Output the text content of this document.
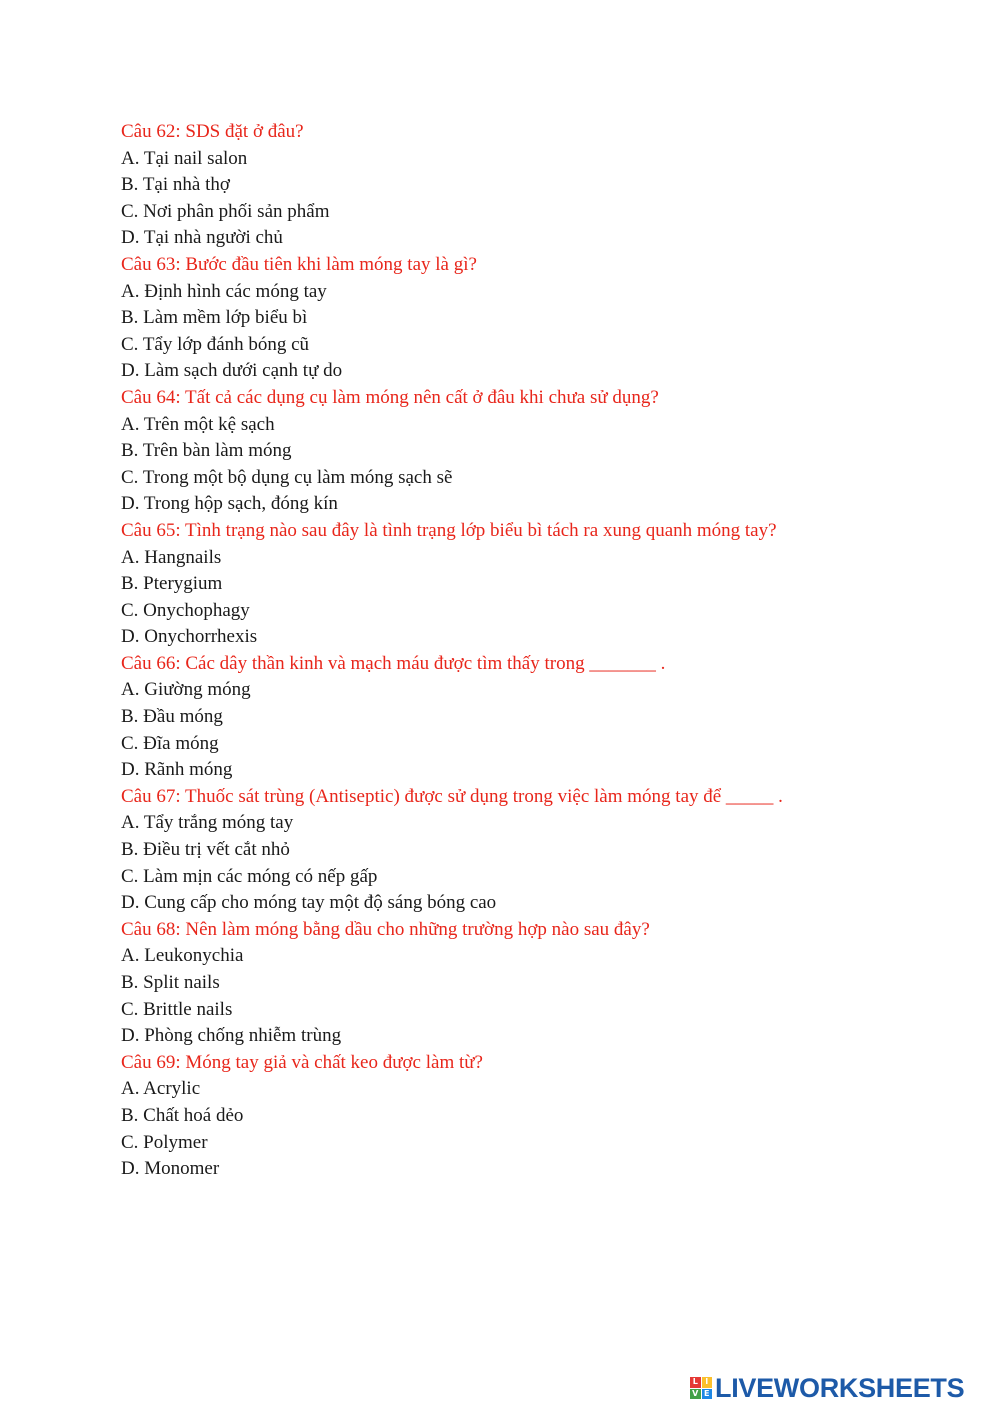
Câu 62: SDS đặt ở đâu?
A. Tại nail salon
B. Tại nhà thợ
C. Nơi phân phối sản phẩm
D. Tại nhà người chủ
Câu 63: Bước đầu tiên khi làm móng tay là gì?
A. Định hình các móng tay
B. Làm mềm lớp biểu bì
C. Tẩy lớp đánh bóng cũ
D. Làm sạch dưới cạnh tự do
Câu 64: Tất cả các dụng cụ làm móng nên cất ở đâu khi chưa sử dụng?
A. Trên một kệ sạch
B. Trên bàn làm móng
C. Trong một bộ dụng cụ làm móng sạch sẽ
D. Trong hộp sạch, đóng kín
Câu 65: Tình trạng nào sau đây là tình trạng lớp biểu bì tách ra xung quanh móng tay?
A. Hangnails
B. Pterygium
C. Onychophagy
D. Onychorrhexis
Câu 66: Các dây thần kinh và mạch máu được tìm thấy trong _______ .
A. Giường móng
B. Đầu móng
C. Đĩa móng
D. Rãnh móng
Câu 67: Thuốc sát trùng (Antiseptic) được sử dụng trong việc làm móng tay để _____ .
A. Tẩy trắng móng tay
B. Điều trị vết cắt nhỏ
C. Làm mịn các móng có nếp gấp
D. Cung cấp cho móng tay một độ sáng bóng cao
Câu 68: Nên làm móng bằng dầu cho những trường hợp nào sau đây?
A. Leukonychia
B. Split nails
C. Brittle nails
D. Phòng chống nhiễm trùng
Câu 69: Móng tay giả và chất keo được làm từ?
A. Acrylic
B. Chất hoá dẻo
C. Polymer
D. Monomer
L I
V E LIVEWORKSHEETS
